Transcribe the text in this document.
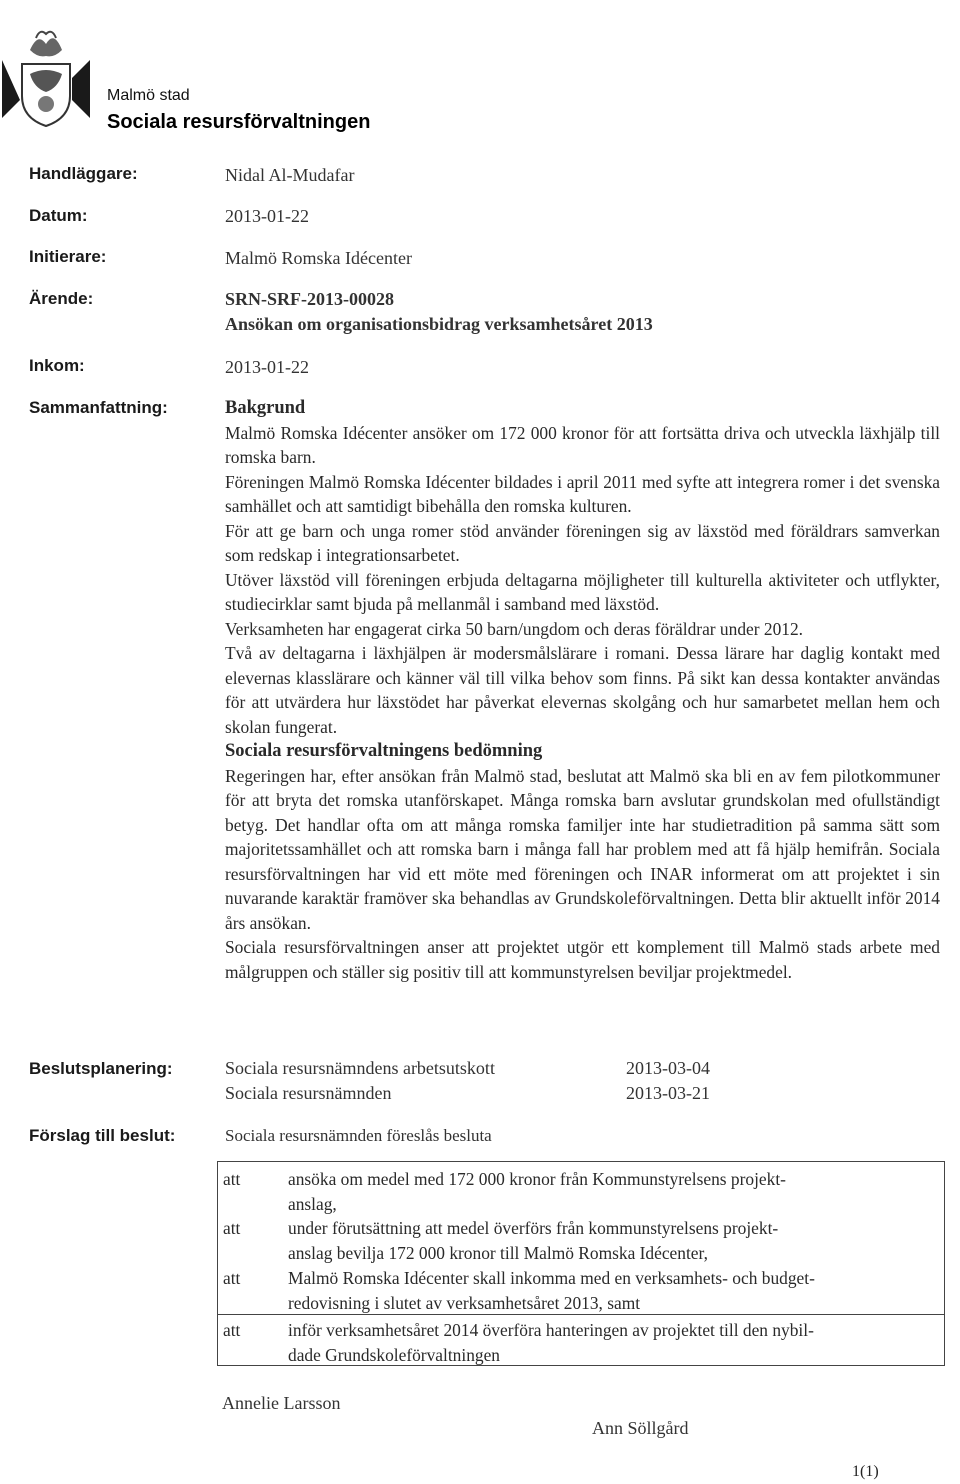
Malmö stad
Sociala resursförvaltningen
Handläggare:	Nidal Al-Mudafar
Datum:	2013-01-22
Initierare:	Malmö Romska Idécenter
Ärende:	SRN-SRF-2013-00028
Ansökan om organisationsbidrag verksamhetsåret 2013
Inkom:	2013-01-22
Sammanfattning:	Bakgrund

Malmö Romska Idécenter ansöker om 172 000 kronor för att fortsätta driva och utveckla läxhjälp till romska barn.

Föreningen Malmö Romska Idécenter bildades i april 2011 med syfte att integrera romer i det svenska samhället och att samtidigt bibehålla den romska kulturen.

För att ge barn och unga romer stöd använder föreningen sig av läxstöd med föräldrars samverkan som redskap i integrationsarbetet.

Utöver läxstöd vill föreningen erbjuda deltagarna möjligheter till kulturella aktiviteter och utflykter, studiecirklar samt bjuda på mellanmål i samband med läxstöd.

Verksamheten har engagerat cirka 50 barn/ungdom och deras föräldrar under 2012.

Två av deltagarna i läxhjälpen är modersmålslärare i romani. Dessa lärare har daglig kontakt med elevernas klasslärare och känner väl till vilka behov som finns. På sikt kan dessa kontakter användas för att utvärdera hur läxstödet har påverkat elevernas skolgång och hur samarbetet mellan hem och skolan fungerat.

Sociala resursförvaltningens bedömning

Regeringen har, efter ansökan från Malmö stad, beslutat att Malmö ska bli en av fem pilotkommuner för att bryta det romska utanförskapet. Många romska barn avslutar grundskolan med ofullständigt betyg. Det handlar ofta om att många romska familjer inte har studietradition på samma sätt som majoritetssamhället och att romska barn i många fall har problem med att få hjälp hemifrån. Sociala resursförvaltningen har vid ett möte med föreningen och INAR informerat om att projektet i sin nuvarande karaktär framöver ska behandlas av Grundskoleförvaltningen. Detta blir aktuellt inför 2014 års ansökan.

Sociala resursförvaltningen anser att projektet utgör ett komplement till Malmö stads arbete med målgruppen och ställer sig positiv till att kommunstyrelsen beviljar projektmedel.

Beslutsplanering:	Sociala resursnämndens arbetsutskott	2013-03-04
Sociala resursnämnden	2013-03-21
Förslag till beslut:	Sociala resursnämnden föreslås besluta
att	ansöka om medel med 172 000 kronor från Kommunstyrelsens projekt-
anslag,
att	under förutsättning att medel överförs från kommunstyrelsens projekt-
anslag bevilja 172 000 kronor till Malmö Romska Idécenter,
att	Malmö Romska Idécenter skall inkomma med en verksamhets- och budget-
redovisning i slutet av verksamhetsåret 2013, samt
att	inför verksamhetsåret 2014 överföra hanteringen av projektet till den nybil-
dade Grundskoleförvaltningen
Annelie Larsson
Ann Söllgård
1(1)
